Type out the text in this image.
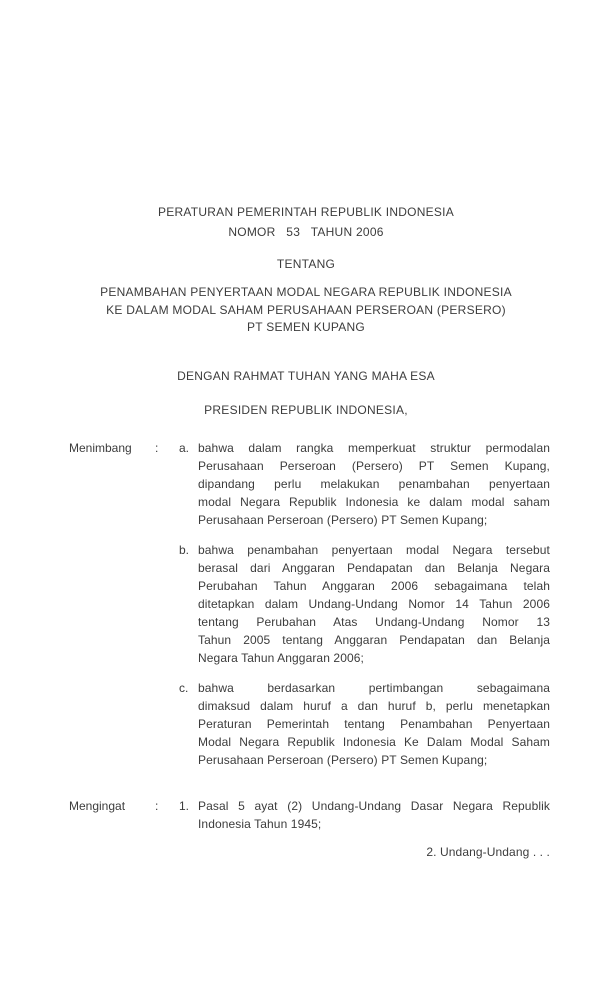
PERATURAN PEMERINTAH REPUBLIK INDONESIA
NOMOR   53   TAHUN 2006
TENTANG
PENAMBAHAN PENYERTAAN MODAL NEGARA REPUBLIK INDONESIA
KE DALAM MODAL SAHAM PERUSAHAAN PERSEROAN (PERSERO)
PT SEMEN KUPANG
DENGAN RAHMAT TUHAN YANG MAHA ESA
PRESIDEN REPUBLIK INDONESIA,
Menimbang	:	a. bahwa dalam rangka memperkuat struktur permodalan
Perusahaan Perseroan (Persero) PT Semen Kupang,
dipandang perlu melakukan penambahan penyertaan
modal Negara Republik Indonesia ke dalam modal saham
Perusahaan Perseroan (Persero) PT Semen Kupang;
b. bahwa penambahan penyertaan modal Negara tersebut
berasal dari Anggaran Pendapatan dan Belanja Negara
Perubahan Tahun Anggaran 2006 sebagaimana telah
ditetapkan dalam Undang-Undang Nomor 14 Tahun 2006
tentang Perubahan Atas Undang-Undang Nomor 13
Tahun 2005 tentang Anggaran Pendapatan dan Belanja
Negara Tahun Anggaran 2006;
c. bahwa berdasarkan pertimbangan sebagaimana
dimaksud dalam huruf a dan huruf b, perlu menetapkan
Peraturan Pemerintah tentang Penambahan Penyertaan
Modal Negara Republik Indonesia Ke Dalam Modal Saham
Perusahaan Perseroan (Persero) PT Semen Kupang;
Mengingat	:	1. Pasal 5 ayat (2) Undang-Undang Dasar Negara Republik
Indonesia Tahun 1945;
2. Undang-Undang . . .
